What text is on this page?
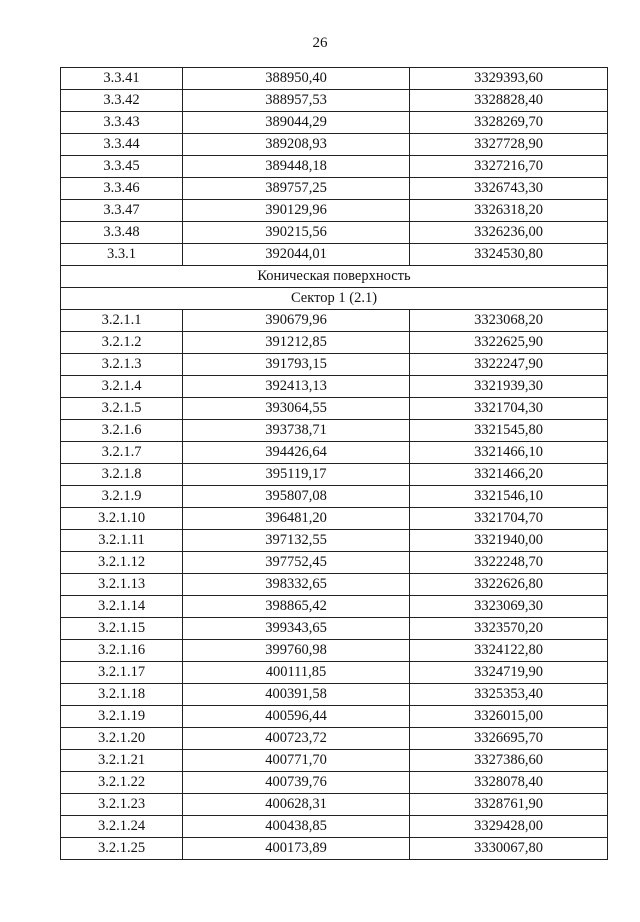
26
3.3.41	388950,40	3329393,60
3.3.42	388957,53	3328828,40
3.3.43	389044,29	3328269,70
3.3.44	389208,93	3327728,90
3.3.45	389448,18	3327216,70
3.3.46	389757,25	3326743,30
3.3.47	390129,96	3326318,20
3.3.48	390215,56	3326236,00
3.3.1	392044,01	3324530,80
Коническая поверхность		
Сектор 1 (2.1)		
3.2.1.1	390679,96	3323068,20
3.2.1.2	391212,85	3322625,90
3.2.1.3	391793,15	3322247,90
3.2.1.4	392413,13	3321939,30
3.2.1.5	393064,55	3321704,30
3.2.1.6	393738,71	3321545,80
3.2.1.7	394426,64	3321466,10
3.2.1.8	395119,17	3321466,20
3.2.1.9	395807,08	3321546,10
3.2.1.10	396481,20	3321704,70
3.2.1.11	397132,55	3321940,00
3.2.1.12	397752,45	3322248,70
3.2.1.13	398332,65	3322626,80
3.2.1.14	398865,42	3323069,30
3.2.1.15	399343,65	3323570,20
3.2.1.16	399760,98	3324122,80
3.2.1.17	400111,85	3324719,90
3.2.1.18	400391,58	3325353,40
3.2.1.19	400596,44	3326015,00
3.2.1.20	400723,72	3326695,70
3.2.1.21	400771,70	3327386,60
3.2.1.22	400739,76	3328078,40
3.2.1.23	400628,31	3328761,90
3.2.1.24	400438,85	3329428,00
3.2.1.25	400173,89	3330067,80
